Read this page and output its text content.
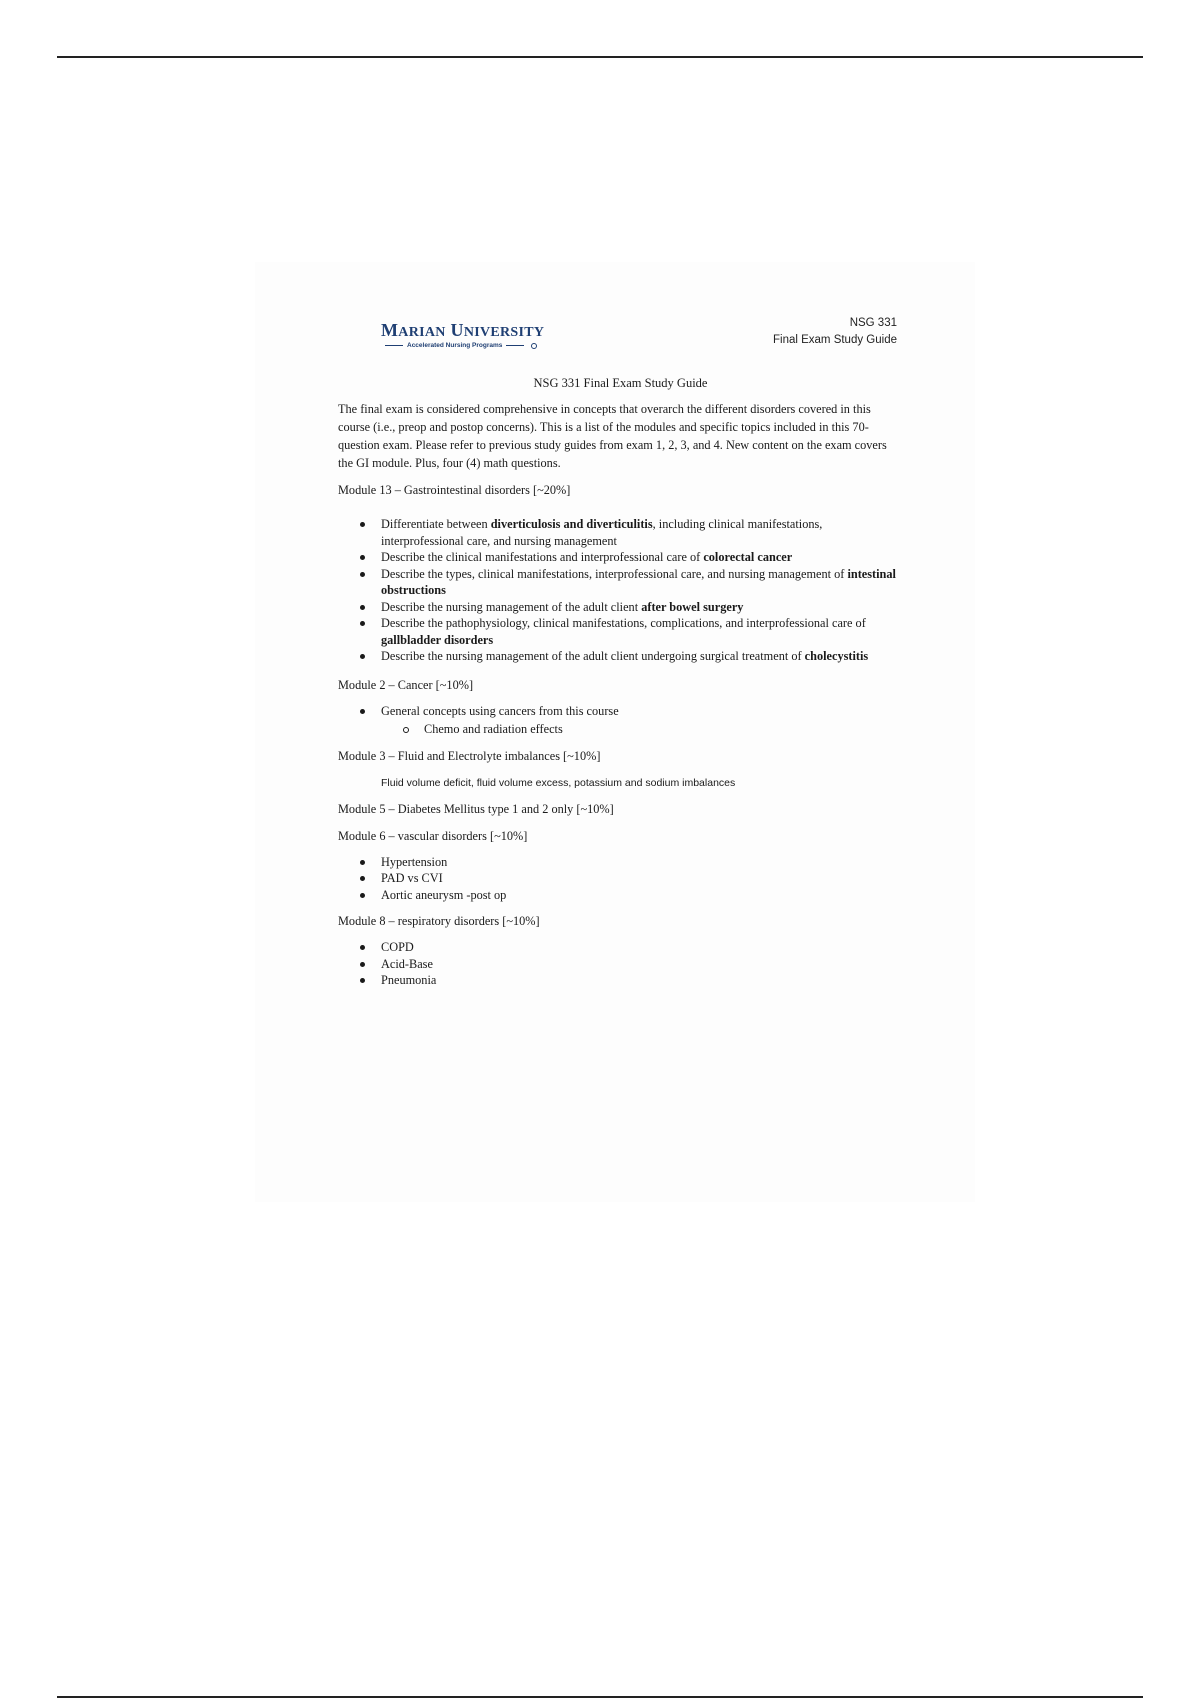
MARIAN UNIVERSITY
Accelerated Nursing Programs
NSG 331
Final Exam Study Guide

NSG 331 Final Exam Study Guide

The final exam is considered comprehensive in concepts that overarch the different disorders covered in this course (i.e., preop and postop concerns). This is a list of the modules and specific topics included in this 70-question exam. Please refer to previous study guides from exam 1, 2, 3, and 4. New content on the exam covers the GI module. Plus, four (4) math questions.

Module 13 – Gastrointestinal disorders [~20%]

Differentiate between diverticulosis and diverticulitis, including clinical manifestations, interprofessional care, and nursing management
Describe the clinical manifestations and interprofessional care of colorectal cancer
Describe the types, clinical manifestations, interprofessional care, and nursing management of intestinal obstructions
Describe the nursing management of the adult client after bowel surgery
Describe the pathophysiology, clinical manifestations, complications, and interprofessional care of gallbladder disorders
Describe the nursing management of the adult client undergoing surgical treatment of cholecystitis

Module 2 – Cancer [~10%]

General concepts using cancers from this course
Chemo and radiation effects

Module 3 – Fluid and Electrolyte imbalances [~10%]

Fluid volume deficit, fluid volume excess, potassium and sodium imbalances

Module 5 – Diabetes Mellitus type 1 and 2 only [~10%]

Module 6 – vascular disorders [~10%]

Hypertension
PAD vs CVI
Aortic aneurysm -post op

Module 8 – respiratory disorders [~10%]

COPD
Acid-Base
Pneumonia
